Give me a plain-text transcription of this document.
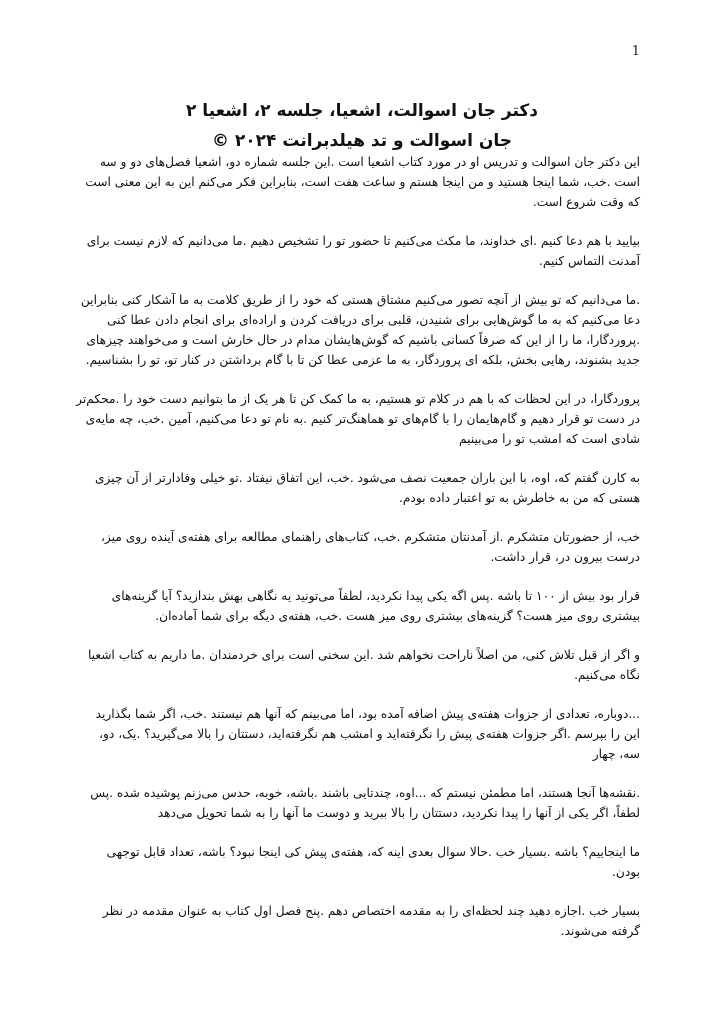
1

دکتر جان اسوالت، اشعیا، جلسه ۲، اشعیا ۲

جان اسوالت و تد هیلدبرانت ۲۰۲۴ ©

این دکتر جان اسوالت و تدریس او در مورد کتاب اشعیا است .این جلسه شماره دو، اشعیا فصل‌های دو و سه است .خب، شما اینجا هستید و من اینجا هستم و ساعت هفت است، بنابراین فکر می‌کنم این به این معنی است که وقت شروع است.

بیایید با هم دعا کنیم .ای خداوند، ما مکث می‌کنیم تا حضور تو را تشخیص دهیم .ما می‌دانیم که لازم نیست برای آمدنت التماس کنیم.

.ما می‌دانیم که تو بیش از آنچه تصور می‌کنیم مشتاق هستی که خود را از طریق کلامت به ما آشکار کنی بنابراین دعا می‌کنیم که به ما گوش‌هایی برای شنیدن، قلبی برای دریافت کردن و اراده‌ای برای انجام دادن عطا کنی .پروردگارا، ما را از این که صرفاً کسانی باشیم که گوش‌هایشان مدام در حال خارش است و می‌خواهند چیزهای جدید بشنوند، رهایی بخش، بلکه ای پروردگار، به ما عزمی عطا کن تا با گام برداشتن در کنار تو، تو را بشناسیم.

پروردگارا، در این لحظات که با هم در کلام تو هستیم، به ما کمک کن تا هر یک از ما بتوانیم دست خود را .محکم‌تر در دست تو قرار دهیم و گام‌هایمان را با گام‌های تو هماهنگ‌تر کنیم .به نام تو دعا می‌کنیم، آمین .خب، چه مایه‌ی شادی است که امشب تو را می‌بینیم

به کارن گفتم که، اوه، با این باران جمعیت نصف می‌شود .خب، این اتفاق نیفتاد .تو خیلی وفادارتر از آن چیزی هستی که من به خاطرش به تو اعتبار داده بودم.

خب، از حضورتان متشکرم .از آمدنتان متشکرم .خب، کتاب‌های راهنمای مطالعه برای هفته‌ی آینده روی میز، درست بیرون در، قرار داشت.

قرار بود بیش از ۱۰۰ تا باشه .پس اگه یکی پیدا نکردید، لطفاً می‌تونید یه نگاهی بهش بندازید؟ آیا گزینه‌های بیشتری روی میز هست؟ گزینه‌های بیشتری روی میز هست .خب، هفته‌ی دیگه برای شما آماده‌ان.

و اگر از قبل تلاش کنی، من اصلاً ناراحت نخواهم شد .این سخنی است برای خردمندان .ما داریم به کتاب اشعیا نگاه می‌کنیم.

...دوباره، تعدادی از جزوات هفته‌ی پیش اضافه آمده بود، اما می‌بینم که آنها هم نیستند .خب، اگر شما بگذارید این را بپرسم .اگر جزوات هفته‌ی پیش را نگرفته‌اید و امشب هم نگرفته‌اید، دستتان را بالا می‌گیرید؟ .یک، دو، سه، چهار

.نقشه‌ها آنجا هستند، اما مطمئن نیستم که ...اوه، چندتایی باشند .باشه، خوبه، حدس می‌زنم پوشیده شده .پس لطفاً، اگر یکی از آنها را پیدا نکردید، دستتان را بالا ببرید و دوست ما آنها را به شما تحویل می‌دهد

ما اینجاییم؟ باشه .بسیار خب .حالا سوال بعدی اینه که، هفته‌ی پیش کی اینجا نبود؟ باشه، تعداد قابل توجهی بودن.

بسیار خب .اجازه دهید چند لحظه‌ای را به مقدمه اختصاص دهم .پنج فصل اول کتاب به عنوان مقدمه در نظر گرفته می‌شوند.
